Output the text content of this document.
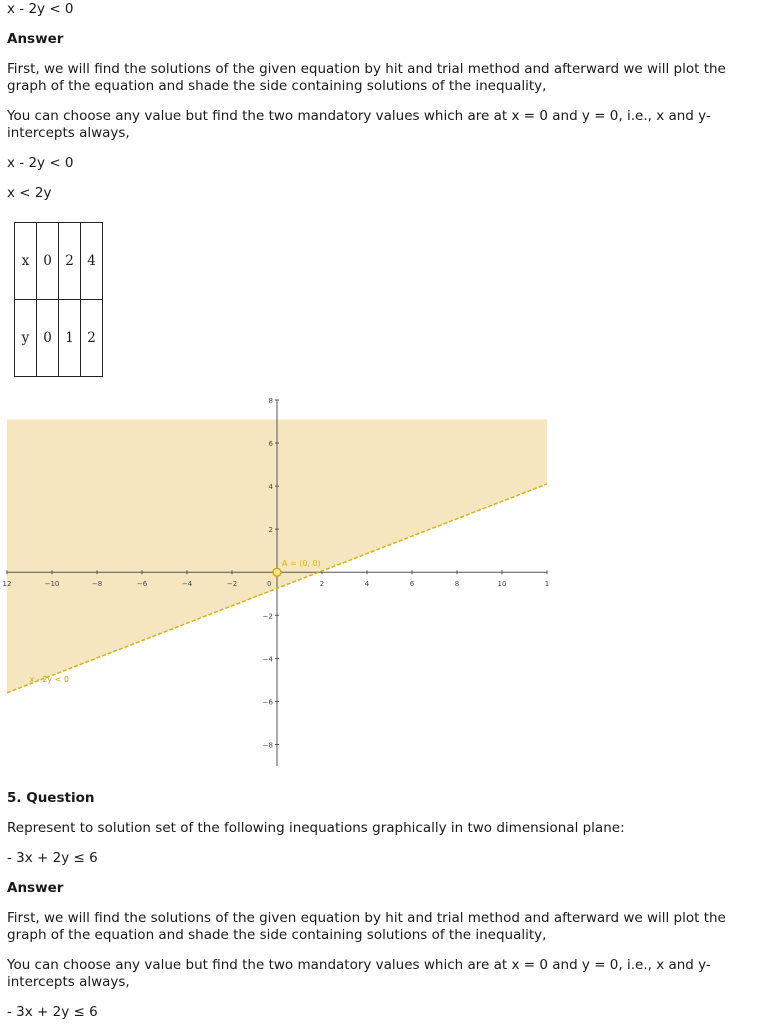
x - 2y < 0

Answer

First, we will find the solutions of the given equation by hit and trial method and afterward we will plot the graph of the equation and shade the side containing solutions of the inequality,

You can choose any value but find the two mandatory values which are at x = 0 and y = 0, i.e., x and y- intercepts always,

x - 2y < 0

x < 2y

x	0	2	4
y	0	1	2
12	−10	−8	−6	−4	−2	2	4	6	8	10	1
8
6
4
2
−2
−4
−6
−8
0
A = (0, 0)
x - 2y < 0

5. Question

Represent to solution set of the following inequations graphically in two dimensional plane:

- 3x + 2y ≤ 6

Answer

First, we will find the solutions of the given equation by hit and trial method and afterward we will plot the graph of the equation and shade the side containing solutions of the inequality,

You can choose any value but find the two mandatory values which are at x = 0 and y = 0, i.e., x and y- intercepts always,

- 3x + 2y ≤ 6
